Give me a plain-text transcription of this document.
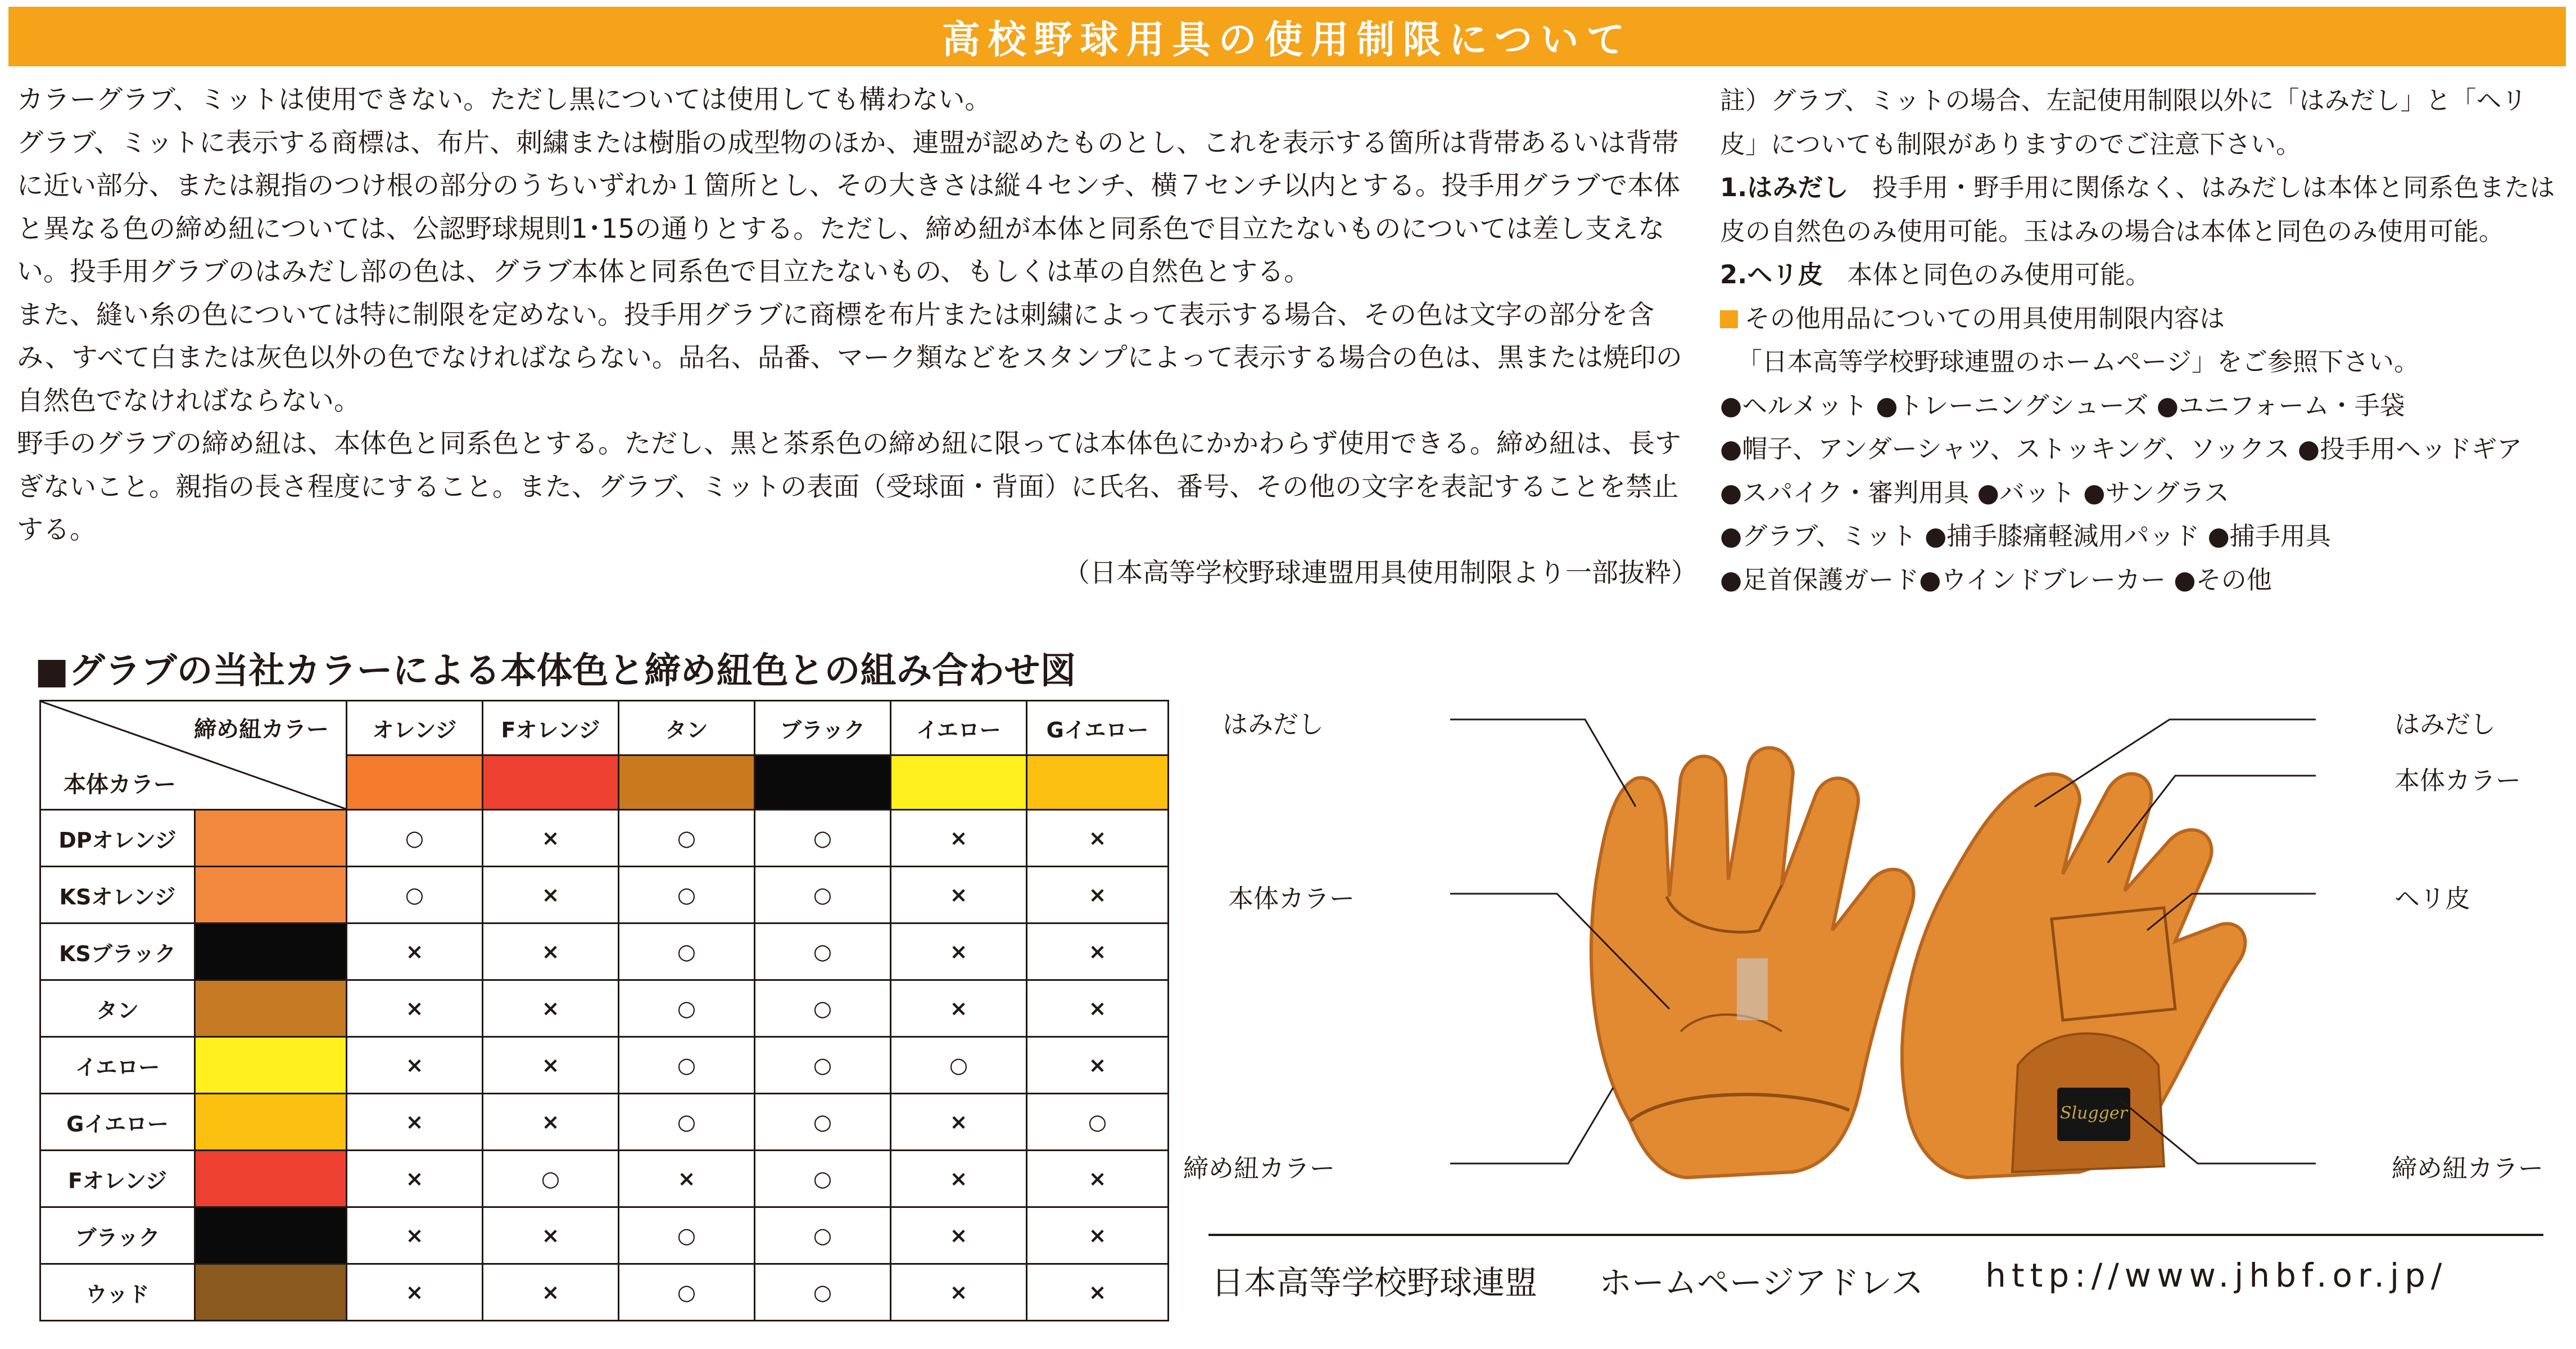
高校野球用具の使用制限について

カラーグラブ、ミットは使用できない。ただし黒については使用しても構わない。

グラブ、ミットに表示する商標は、布片、刺繍または樹脂の成型物のほか、連盟が認めたものとし、これを表示する箇所は背帯あるいは背帯に近い部分、または親指のつけ根の部分のうちいずれか１箇所とし、その大きさは縦４センチ、横７センチ以内とする。投手用グラブで本体と異なる色の締め紐については、公認野球規則1･15の通りとする。ただし、締め紐が本体と同系色で目立たないものについては差し支えない。投手用グラブのはみだし部の色は、グラブ本体と同系色で目立たないもの、もしくは革の自然色とする。

また、縫い糸の色については特に制限を定めない。投手用グラブに商標を布片または刺繍によって表示する場合、その色は文字の部分を含み、すべて白または灰色以外の色でなければならない。品名、品番、マーク類などをスタンプによって表示する場合の色は、黒または焼印の自然色でなければならない。

野手のグラブの締め紐は、本体色と同系色とする。ただし、黒と茶系色の締め紐に限っては本体色にかかわらず使用できる。締め紐は、長すぎないこと。親指の長さ程度にすること。また、グラブ、ミットの表面（受球面・背面）に氏名、番号、その他の文字を表記することを禁止する。

（日本高等学校野球連盟用具使用制限より一部抜粋）

註）グラブ、ミットの場合、左記使用制限以外に「はみだし」と「ヘリ皮」についても制限がありますのでご注意下さい。

1.はみだし 投手用・野手用に関係なく、はみだしは本体と同系色または皮の自然色のみ使用可能。玉はみの場合は本体と同色のみ使用可能。

2.ヘリ皮 本体と同色のみ使用可能。

その他用品についての用具使用制限内容は

「日本高等学校野球連盟のホームページ」をご参照下さい。

●ヘルメット ●トレーニングシューズ ●ユニフォーム・手袋

●帽子、アンダーシャツ、ストッキング、ソックス ●投手用ヘッドギア

●スパイク・審判用具 ●バット ●サングラス

●グラブ、ミット ●捕手膝痛軽減用パッド ●捕手用具

●足首保護ガード●ウインドブレーカー ●その他

■グラブの当社カラーによる本体色と締め紐色との組み合わせ図
締め紐カラー
本体カラー		オレンジ	Fオレンジ	タン	ブラック	イエロー	Gイエロー

DPオレンジ		○	×	○	○	×	×
KSオレンジ		○	×	○	○	×	×
KSブラック		×	×	○	○	×	×
タン		×	×	○	○	×	×
イエロー		×	×	○	○	○	×
Gイエロー		×	×	○	○	×	○
Fオレンジ		×	○	×	○	×	×
ブラック		×	×	○	○	×	×
ウッド		×	×	○	○	×	×
Slugger
はみだし
本体カラー
締め紐カラー
はみだし
本体カラー
ヘリ皮
締め紐カラー
日本高等学校野球連盟 ホームページアドレス http://www.jhbf.or.jp/
